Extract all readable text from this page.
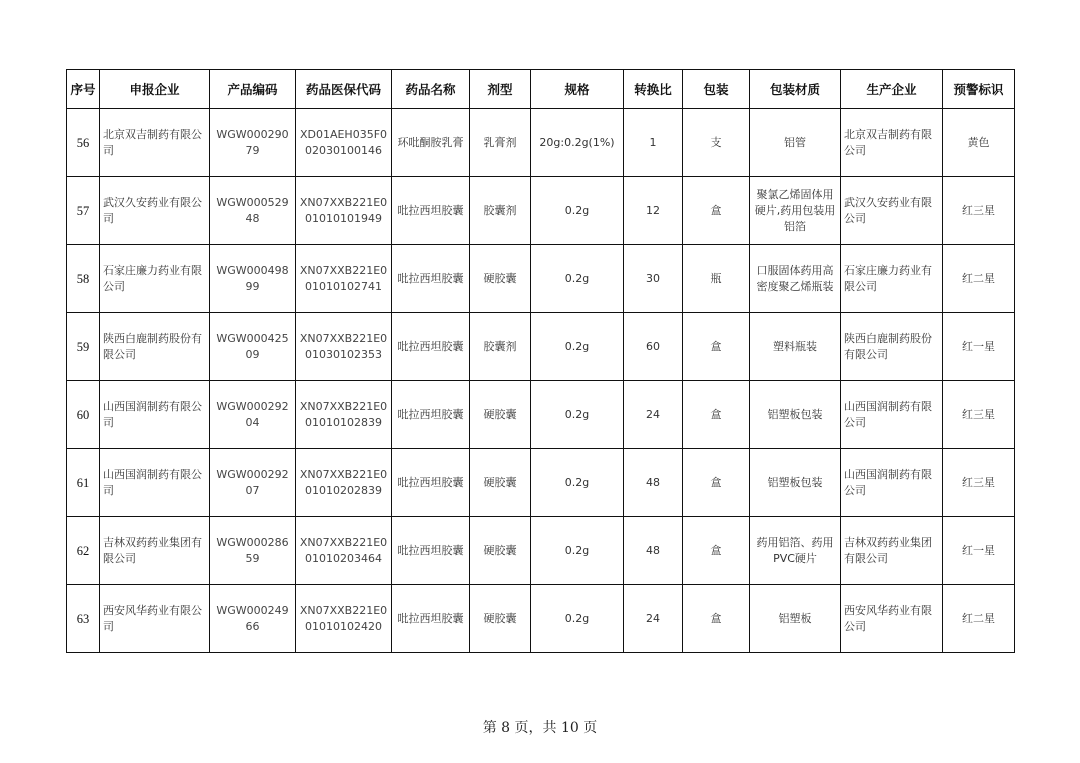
序号	申报企业	产品编码	药品医保代码	药品名称	剂型	规格	转换比	包装	包装材质	生产企业	预警标识
56	北京双吉制药有限公司	WGW00029079	XD01AEH035F002030100146	环吡酮胺乳膏	乳膏剂	20g:0.2g(1%)	1	支	铝管	北京双吉制药有限公司	黄色
57	武汉久安药业有限公司	WGW00052948	XN07XXB221E001010101949	吡拉西坦胶囊	胶囊剂	0.2g	12	盒	聚氯乙烯固体用硬片,药用包装用铝箔	武汉久安药业有限公司	红三星
58	石家庄廉力药业有限公司	WGW00049899	XN07XXB221E001010102741	吡拉西坦胶囊	硬胶囊	0.2g	30	瓶	口服固体药用高密度聚乙烯瓶装	石家庄廉力药业有限公司	红二星
59	陕西白鹿制药股份有限公司	WGW00042509	XN07XXB221E001030102353	吡拉西坦胶囊	胶囊剂	0.2g	60	盒	塑料瓶装	陕西白鹿制药股份有限公司	红一星
60	山西国润制药有限公司	WGW00029204	XN07XXB221E001010102839	吡拉西坦胶囊	硬胶囊	0.2g	24	盒	铝塑板包装	山西国润制药有限公司	红三星
61	山西国润制药有限公司	WGW00029207	XN07XXB221E001010202839	吡拉西坦胶囊	硬胶囊	0.2g	48	盒	铝塑板包装	山西国润制药有限公司	红三星
62	吉林双药药业集团有限公司	WGW00028659	XN07XXB221E001010203464	吡拉西坦胶囊	硬胶囊	0.2g	48	盒	药用铝箔、药用PVC硬片	吉林双药药业集团有限公司	红一星
63	西安风华药业有限公司	WGW00024966	XN07XXB221E001010102420	吡拉西坦胶囊	硬胶囊	0.2g	24	盒	铝塑板	西安风华药业有限公司	红二星
第 8 页，共 10 页
